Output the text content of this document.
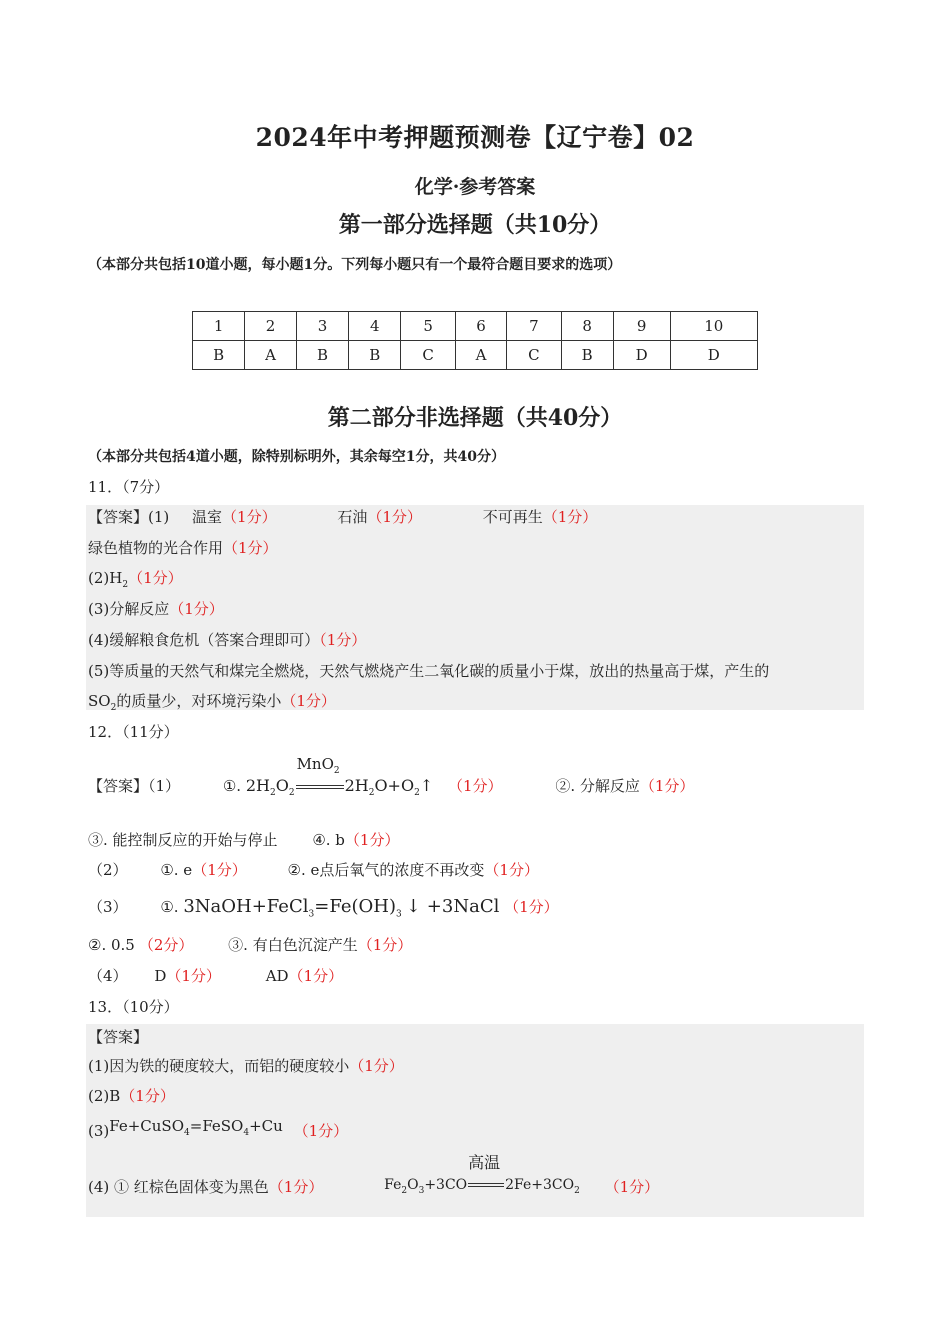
2024年中考押题预测卷【辽宁卷】02
化学·参考答案
第一部分选择题（共10分）
（本部分共包括10道小题，每小题1分。下列每小题只有一个最符合题目要求的选项）
1	2	3	4	5	6	7	8	9	10
B	A	B	B	C	A	C	B	D	D
第二部分非选择题（共40分）
（本部分共包括4道小题，除特别标明外，其余每空1分，共40分）
11．（7分）
【答案】(1) 温室（1分）	石油（1分）	不可再生（1分）
绿色植物的光合作用（1分）
$(2)H_2(1$分）
(3)分解反应（1分）
(4)缓解粮食危机（答案合理即可）（1分）
(5)等质量的天然气和煤完全燃烧，天然气燃烧产生二氧化碳的质量小于煤，放出的热量高于煤，产生的
$SO_2$的质量少，对环境污染小（1分）
12．（11分）
【答案】（1）	①. $2H_2O_2$
MnO$_2$
$2H_2O+O_2↑$ （1分）	②. 分解反应（1分）
③. 能控制反应的开始与停止 ④. b（1分）
（2） ①. e（1分）	②. e点后氧气的浓度不再改变（1分）
（3） ①. $3NaOH+FeCl_3=Fe(OH)_3$ ↓ +3NaCl （1分）
②. 0.5 （2分） ③. 有白色沉淀产生（1分）
（4） D（1分）	AD（1分）
13．（10分）
【答案】
(1)因为铁的硬度较大，而铝的硬度较小（1分）
(2)B（1分）
(3)Fe+CuSO$_4$=FeSO$_4$+Cu （1分）
(4) ① 红棕色固体变为黑色（1分）	$Fe_2O_3+3CO$
高温
$2Fe+3CO_2$ （1分）
